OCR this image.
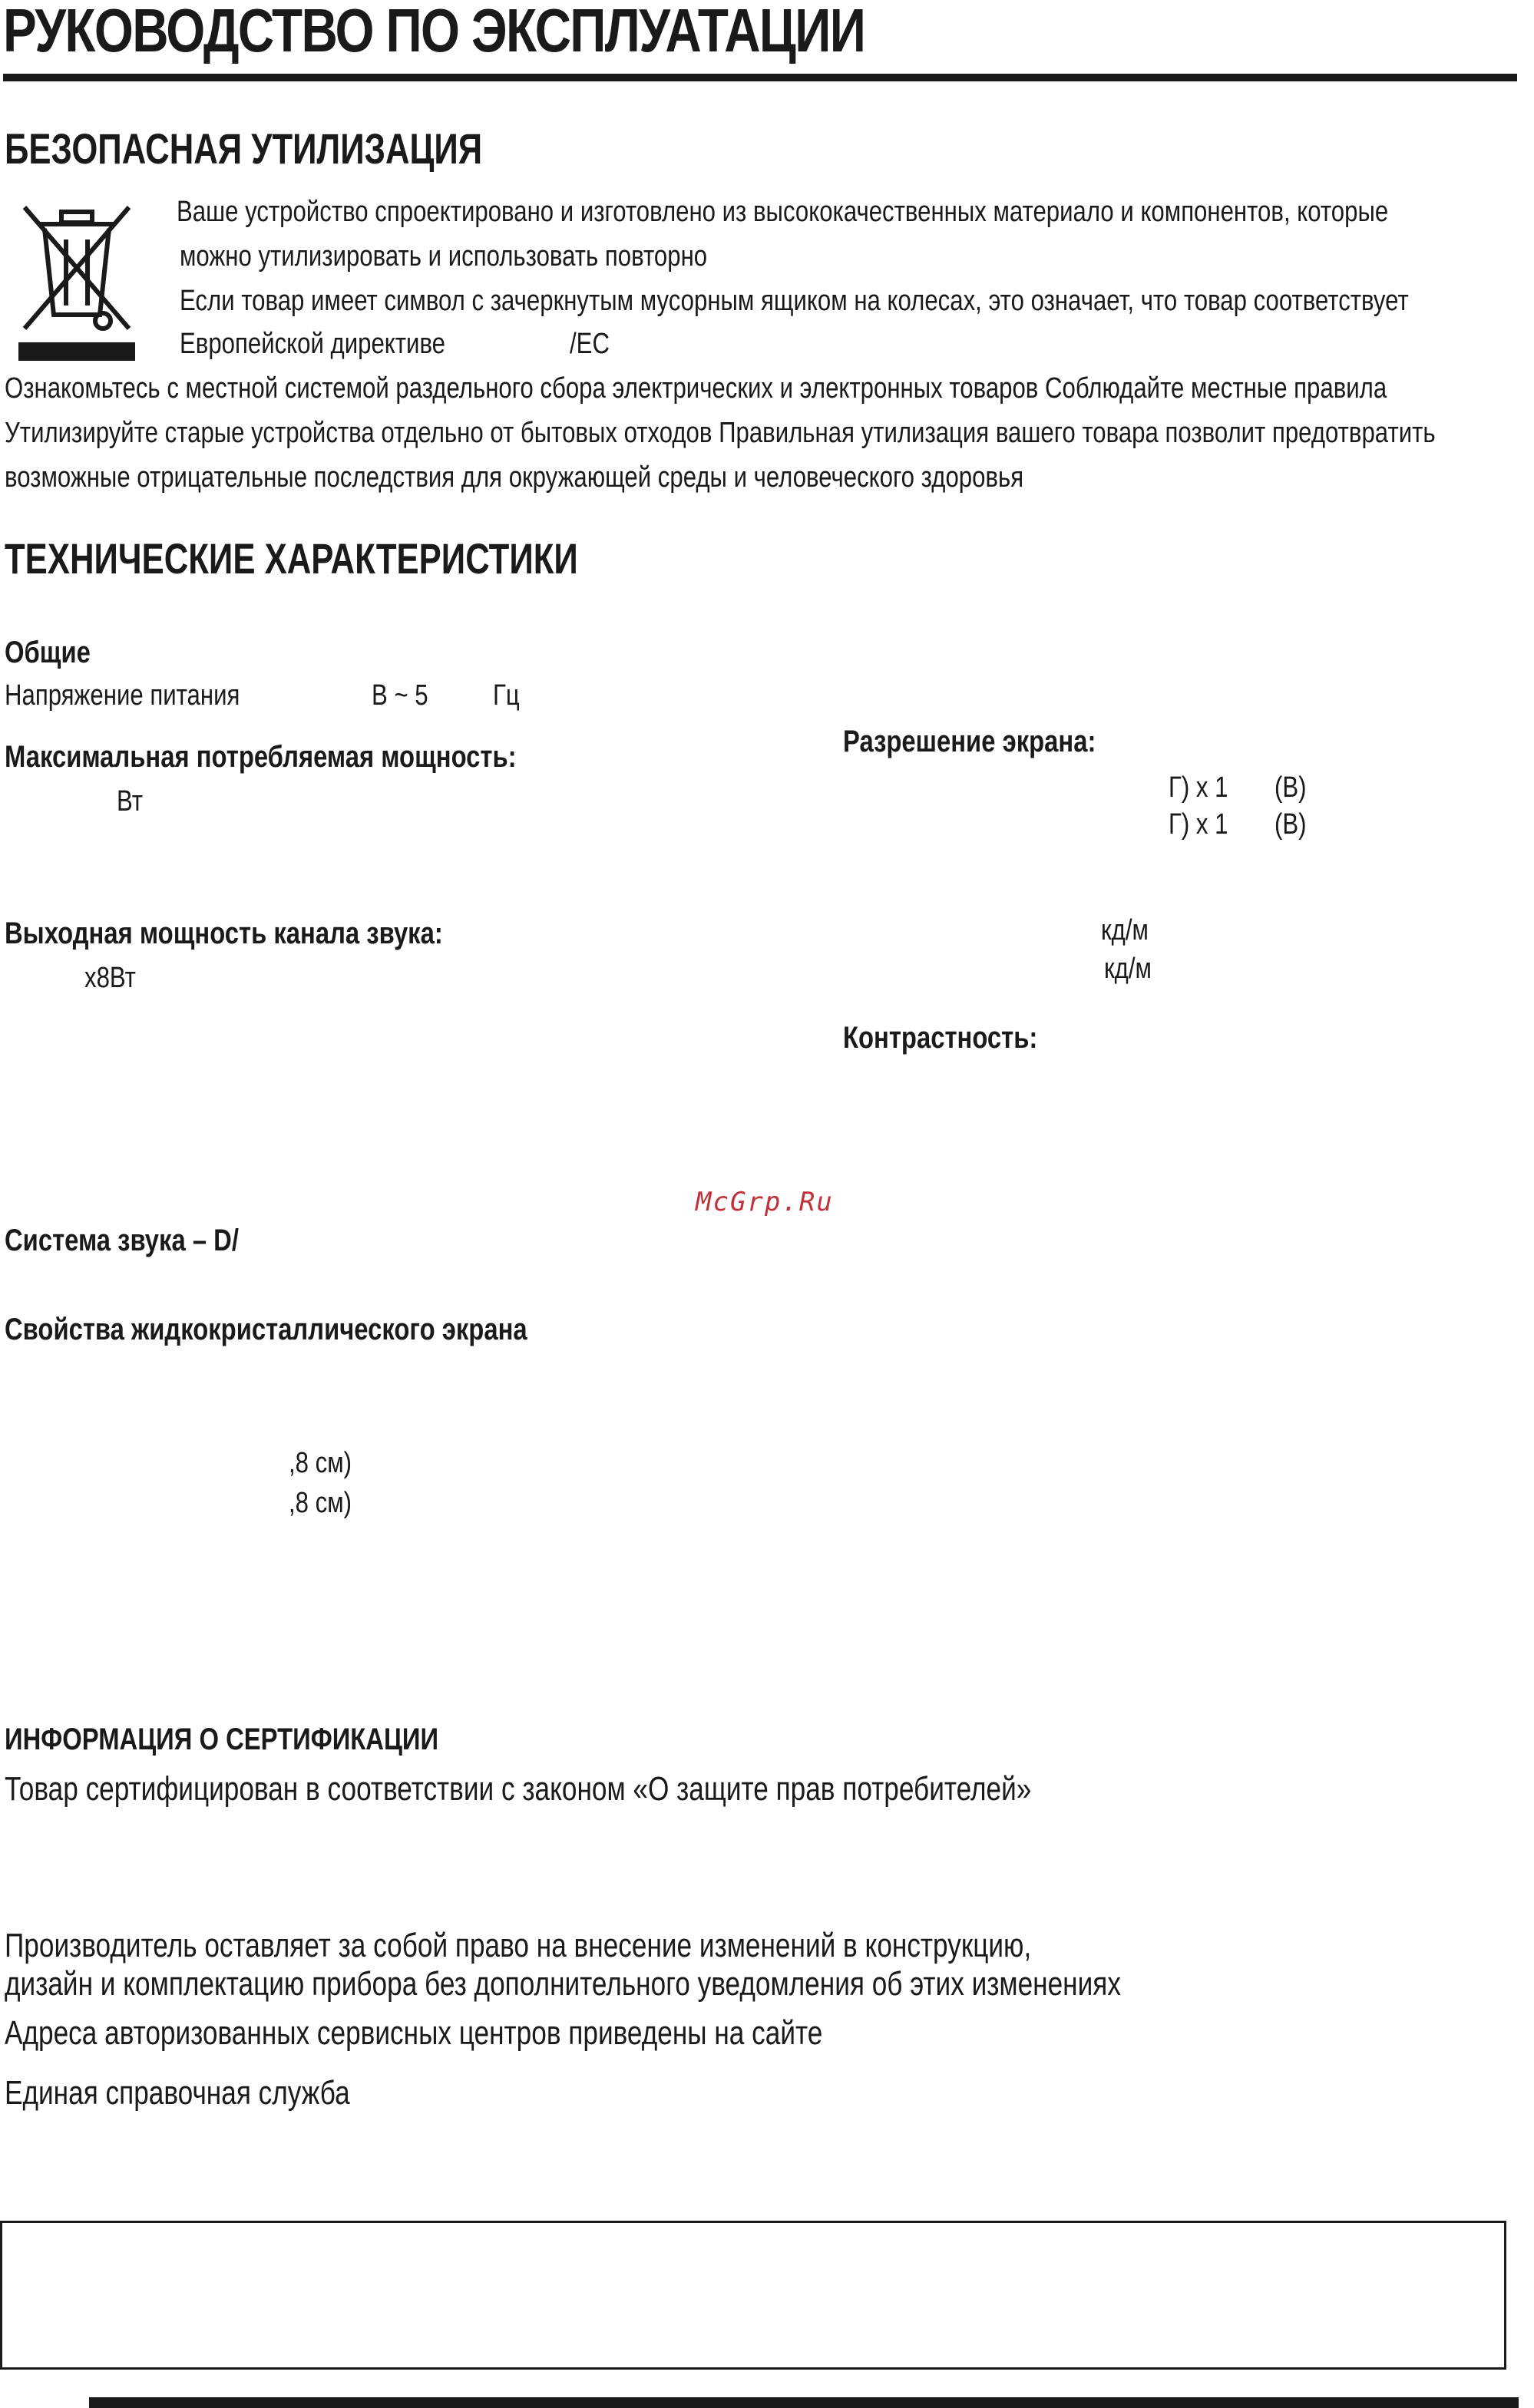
РУКОВОДСТВО ПО ЭКСПЛУАТАЦИИ
БЕЗОПАСНАЯ УТИЛИЗАЦИЯ
Ваше устройство спроектировано и изготовлено из высококачественных материало и компонентов, которые
можно утилизировать и использовать повторно
Если товар имеет символ с зачеркнутым мусорным ящиком на колесах, это означает, что товар соответствует
Европейской директиве	/EC
Ознакомьтесь с местной системой раздельного сбора электрических и электронных товаров Соблюдайте местные правила
Утилизируйте старые устройства отдельно от бытовых отходов Правильная утилизация вашего товара позволит предотвратить
возможные отрицательные последствия для окружающей среды и человеческого здоровья
ТЕХНИЧЕСКИЕ ХАРАКТЕРИСТИКИ
Общие
Напряжение питания	В ~ 5 Гц
Максимальная потребляемая мощность:
Вт
Выходная мощность канала звука:
x8Вт
Разрешение экрана:
Г) x 1 (В)
Г) x 1 (В)
кд/м
кд/м
Контрастность:
McGrp.Ru
Система звука – D/
Свойства жидкокристаллического экрана
,8 см)
,8 см)
ИНФОРМАЦИЯ О СЕРТИФИКАЦИИ
Товар сертифицирован в соответствии с законом «О защите прав потребителей»
Производитель оставляет за собой право на внесение изменений в конструкцию,
дизайн и комплектацию прибора без дополнительного уведомления об этих изменениях
Адреса авторизованных сервисных центров приведены на сайте
Единая справочная служба
